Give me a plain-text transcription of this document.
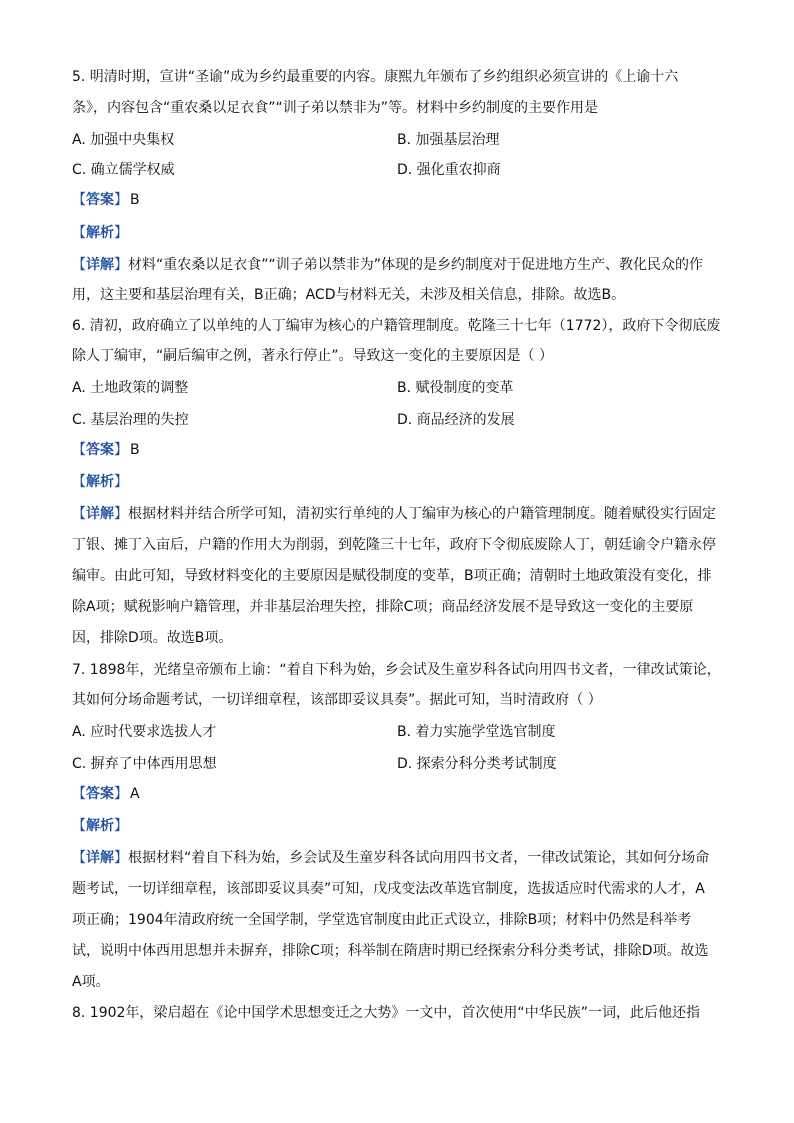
5. 明清时期，宣讲“圣谕”成为乡约最重要的内容。康熙九年颁布了乡约组织必须宣讲的《上谕十六
条》，内容包含“重农桑以足衣食”“训子弟以禁非为”等。材料中乡约制度的主要作用是
A. 加强中央集权	B. 加强基层治理
C. 确立儒学权威	D. 强化重农抑商
【答案】 B
【解析】
【详解】材料“重农桑以足衣食”“训子弟以禁非为”体现的是乡约制度对于促进地方生产、教化民众的作
用，这主要和基层治理有关，B正确；ACD与材料无关，未涉及相关信息，排除。故选B。
6. 清初，政府确立了以单纯的人丁编审为核心的户籍管理制度。乾隆三十七年（1772），政府下令彻底废
除人丁编审，“嗣后编审之例，著永行停止”。导致这一变化的主要原因是（ ）
A. 土地政策的调整	B. 赋役制度的变革
C. 基层治理的失控	D. 商品经济的发展
【答案】 B
【解析】
【详解】根据材料并结合所学可知，清初实行单纯的人丁编审为核心的户籍管理制度。随着赋役实行固定
丁银、摊丁入亩后，户籍的作用大为削弱，到乾隆三十七年，政府下令彻底废除人丁，朝廷谕令户籍永停
编审。由此可知，导致材料变化的主要原因是赋役制度的变革，B项正确；清朝时土地政策没有变化，排
除A项；赋税影响户籍管理，并非基层治理失控，排除C项；商品经济发展不是导致这一变化的主要原
因，排除D项。故选B项。
7. 1898年，光绪皇帝颁布上谕：“着自下科为始，乡会试及生童岁科各试向用四书文者，一律改试策论，
其如何分场命题考试，一切详细章程，该部即妥议具奏”。据此可知，当时清政府（ ）
A. 应时代要求选拔人才	B. 着力实施学堂选官制度
C. 摒弃了中体西用思想	D. 探索分科分类考试制度
【答案】 A
【解析】
【详解】根据材料“着自下科为始，乡会试及生童岁科各试向用四书文者，一律改试策论，其如何分场命
题考试，一切详细章程，该部即妥议具奏”可知，戊戌变法改革选官制度，选拔适应时代需求的人才，A
项正确；1904年清政府统一全国学制，学堂选官制度由此正式设立，排除B项；材料中仍然是科举考
试，说明中体西用思想并未摒弃，排除C项；科举制在隋唐时期已经探索分科分类考试，排除D项。故选
A项。
8. 1902年，梁启超在《论中国学术思想变迁之大势》一文中，首次使用“中华民族”一词，此后他还指
